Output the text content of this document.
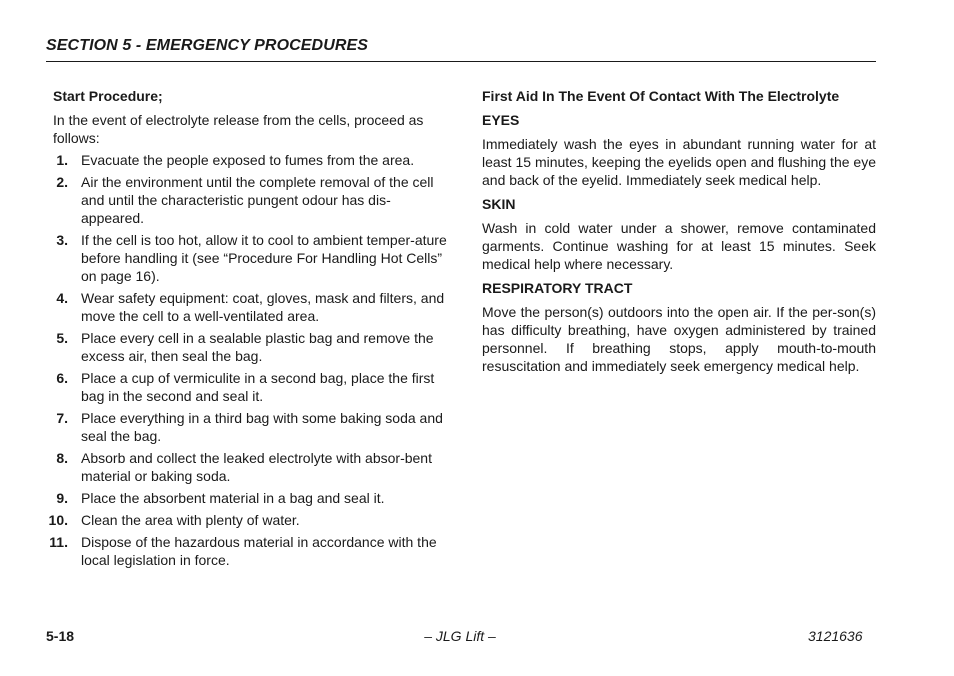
SECTION 5 - EMERGENCY PROCEDURES
Start Procedure;
In the event of electrolyte release from the cells, proceed as follows:
1. Evacuate the people exposed to fumes from the area.
2. Air the environment until the complete removal of the cell and until the characteristic pungent odour has dis-appeared.
3. If the cell is too hot, allow it to cool to ambient temper-ature before handling it (see “Procedure For Handling Hot Cells” on page 16).
4. Wear safety equipment: coat, gloves, mask and filters, and move the cell to a well-ventilated area.
5. Place every cell in a sealable plastic bag and remove the excess air, then seal the bag.
6. Place a cup of vermiculite in a second bag, place the first bag in the second and seal it.
7. Place everything in a third bag with some baking soda and seal the bag.
8. Absorb and collect the leaked electrolyte with absor-bent material or baking soda.
9. Place the absorbent material in a bag and seal it.
10. Clean the area with plenty of water.
11. Dispose of the hazardous material in accordance with the local legislation in force.
First Aid In The Event Of Contact With The Electrolyte
EYES
Immediately wash the eyes in abundant running water for at least 15 minutes, keeping the eyelids open and flushing the eye and back of the eyelid. Immediately seek medical help.
SKIN
Wash in cold water under a shower, remove contaminated garments. Continue washing for at least 15 minutes. Seek medical help where necessary.
RESPIRATORY TRACT
Move the person(s) outdoors into the open air. If the per-son(s) has difficulty breathing, have oxygen administered by trained personnel. If breathing stops, apply mouth-to-mouth resuscitation and immediately seek emergency medical help.
5-18	– JLG Lift –	3121636
